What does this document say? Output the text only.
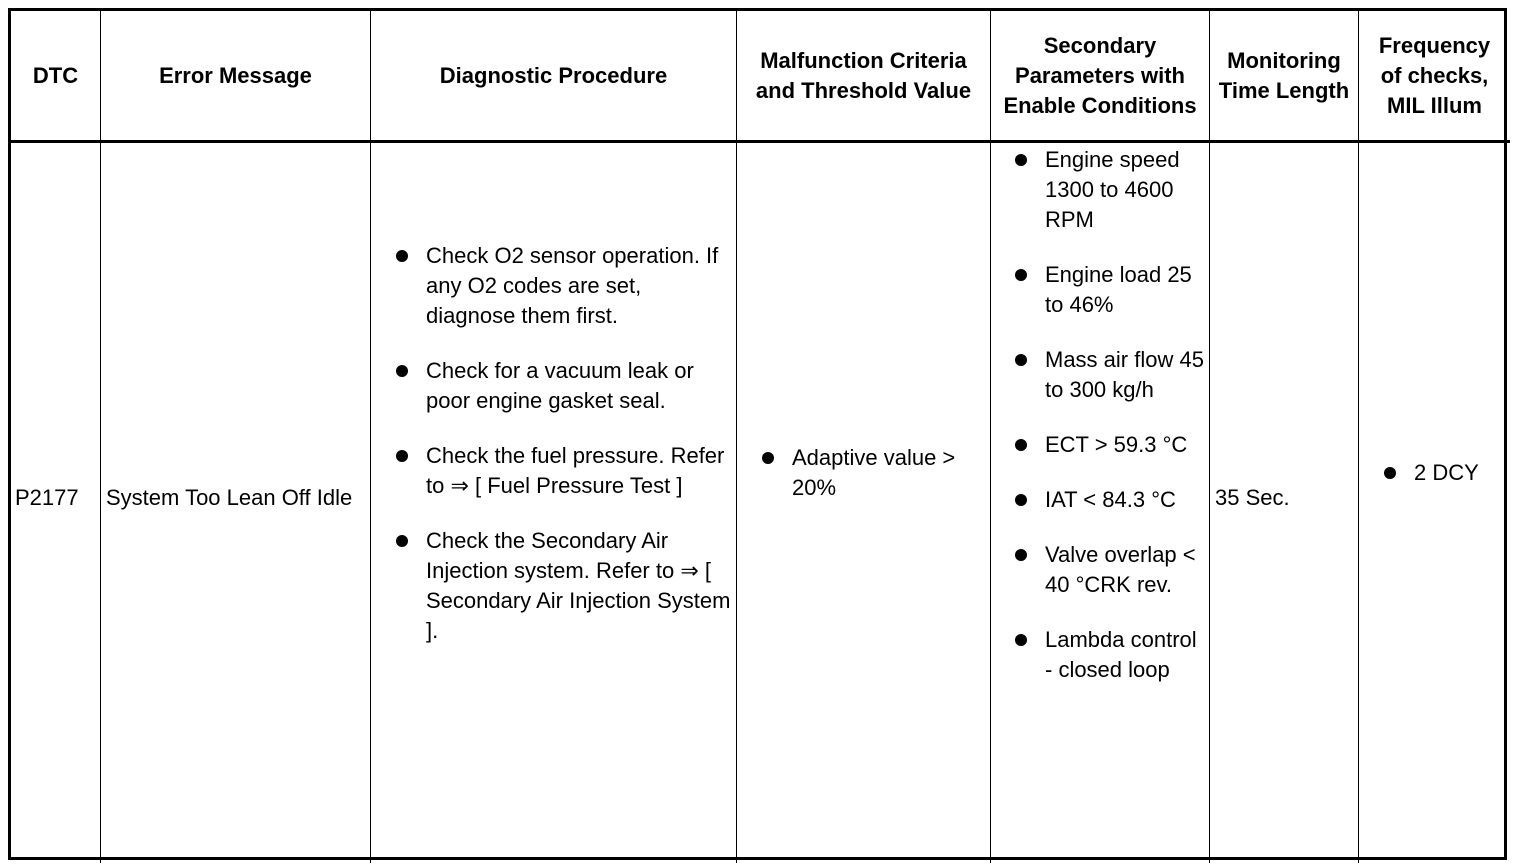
DTC	Error Message	Diagnostic Procedure
Malfunction Criteria and Threshold Value
Secondary Parameters with Enable Conditions
Monitoring Time Length
Frequency of checks, MIL Illum
P2177 System Too Lean Off Idle
Check O2 sensor operation. If any O2 codes are set, diagnose them first.
Check for a vacuum leak or poor engine gasket seal.
Check the fuel pressure. Refer to ⇒ [ Fuel Pressure Test ]
Check the Secondary Air Injection system. Refer to ⇒ [ Secondary Air Injection System ].
Adaptive value > 20%
Engine speed 1300 to 4600 RPM
Engine load 25 to 46%
Mass air flow 45 to 300 kg/h
ECT > 59.3 °C
IAT < 84.3 °C
Valve overlap < 40 °CRK rev.
Lambda control - closed loop
35 Sec.
2 DCY
